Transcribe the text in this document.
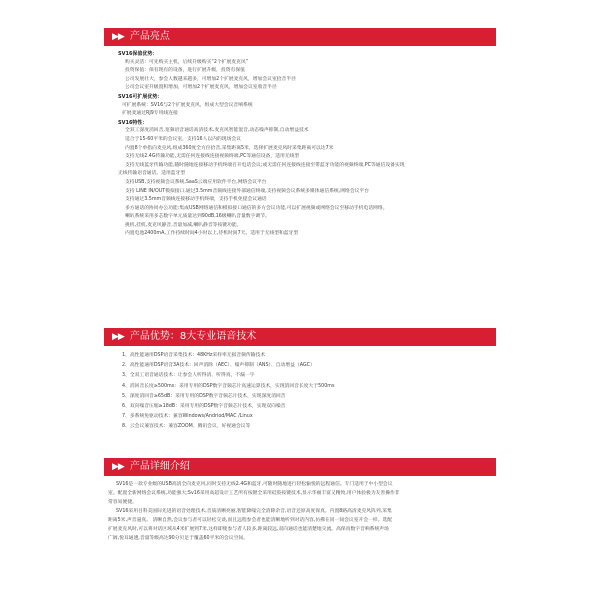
▶▶ 产品亮点
SV16保值优势：
购买灵活：可先购买主机，后续升级购买“2个扩展麦克风”
投资保值：保有现有的设备，进行扩展升级，投资有保值
公司发展壮大，参会人数越来越多，可增加2个扩展麦克风，增加会议室拾音半径
公司会议室升级置积增加，可增加2个扩展麦克风，增加会议室收音半径
SV16可扩展优势：
可扩展系统：SV16与2个扩展麦克风，组成大型会议音响系统
扩展麦通过RJ9专用线连接
SV16特性：
全双工深度消回音,宽频语音通话高清技术,麦克风智能混音,动态噪声抑制,自动增益技术
适合于15-60平米的会议室，支持16人以内的现场会议
内置8个单指向麦克风,组成360度全方位拾音,采集距离5米，选择扩展麦克风时采集距离可以达7米
支持无线2.4G传输功能,无需任何连接线连接视频终端,PC等通信设备，适用无线型
支持无线蓝牙传输功能,随时随地连接移动手机终端召开电话会议;或无需任何连接线连接至带蓝牙功能的视频终端,PC等通信设备实现
无线传输语音通话。适用蓝牙型
支持USB,支持视频会议系统,SaaS云端应用软件平台,网络会议平台
支持 LINE IN/OUT模拟接口,通过3.5mm音频线连接外部通信终端,支持视频会议系统多媒体通信系统,网络会议平台
支持通过3.5mm音频线连接移动手机终端，支持手机免提会议通话
多方通话的协同办公功能:集成USB网络通信和模拟接口通信的多方会议功能,可以扩展视频或网络会议至移动手机电话网络。
喇叭系统采用多芯数字单元质量达到90dB,16级喇叭音量数字调节。
挑机,挂机,麦克风静音,音量加减,喇叭静音等按键功能。
内置电池2400mA,工作持续时间4小时以上,待机时间7天。适用于无线型和蓝牙型
▶▶ 产品优势：8大专业语音技术
1、高性能通用DSP语音采集技术：48KHz采样率无损音频传输技术
2、高性能通用DSP语音3A技术：回声消除（AEC）、噪声抑制（ANS）、自动增益（AGC）
3、全双工语音通话技术：让参会人听得清、听得真，不漏一字
4、消回音长度≥500ms：采用专用的DSP数字音频芯片高速运算技术，实现消回音长度大于500ms
5、深度消回音≥65dB：采用专用的DSP数字音频芯片技术，实现深度消回音
6、双向噪音压缩≥18dB：采用专用的DSP数字音频芯片技术，实现双向噪音
7、多系统免驱动技术：兼容Windows/Andriod/MAC /Linux
8、云会议兼容技术：兼容ZOOM、腾讯会议、好视通会议等
▶▶ 产品详细介绍
SV16是一款专业级的USB高清全向麦克风,同时支持无线2.4G和蓝牙,可随时随地进行轻松愉悦的远程通信。专门适用于中小型会议
室。配置全新网络会议系统,功能强大;Sv16采用高超设计工艺所有按键全采用硅胶按键技术,显示华丽丰富又精致,用户体验极为友善操作非
常容易便捷。
SV16采用目科美国际先进的语音处理技术,音质清晰亮丽,智能降噪完全消除杂音,语音还原高度保真。内置8路高清麦克风阵列,采集
距离5米,声音逼真。 清晰自然,会议参与者可以轻松交谈,而且远程参会者也能清晰地听到对话内容,仿佛在同一间会议室开会一样。选配
扩展麦克风时,可以将对话区域从4米扩展到7米,这样即使参与者人较多,距离较远,双向通话也能清楚地交流。高保真数字音响系统声场
广阔,悦耳通透,音量等级高达90分贝足于覆盖60平米的会议空间。
